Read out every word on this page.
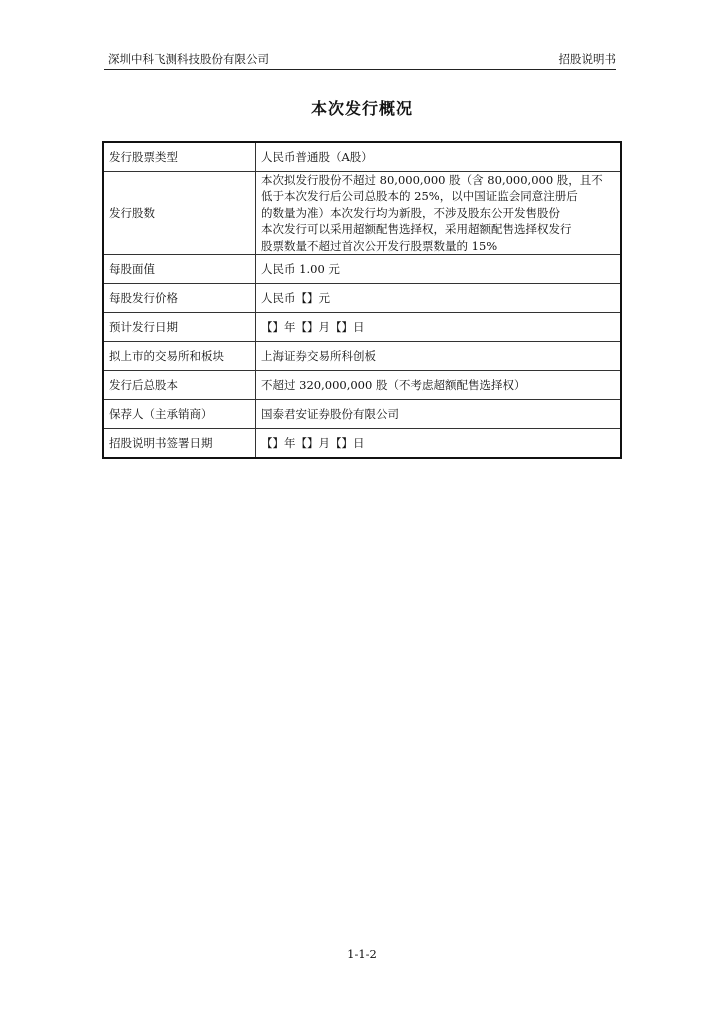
深圳中科飞测科技股份有限公司	招股说明书
本次发行概况
发行股票类型	人民币普通股（A股）
发行股数	本次拟发行股份不超过 80,000,000 股（含 80,000,000 股，且不
低于本次发行后公司总股本的 25%，以中国证监会同意注册后
的数量为准）本次发行均为新股，不涉及股东公开发售股份
本次发行可以采用超额配售选择权，采用超额配售选择权发行
股票数量不超过首次公开发行股票数量的 15%

每股面值	人民币 1.00 元
每股发行价格	人民币【】元
预计发行日期	【】年【】月【】日
拟上市的交易所和板块	上海证券交易所科创板
发行后总股本	不超过 320,000,000 股（不考虑超额配售选择权）
保荐人（主承销商）	国泰君安证券股份有限公司
招股说明书签署日期	【】年【】月【】日
1-1-2
